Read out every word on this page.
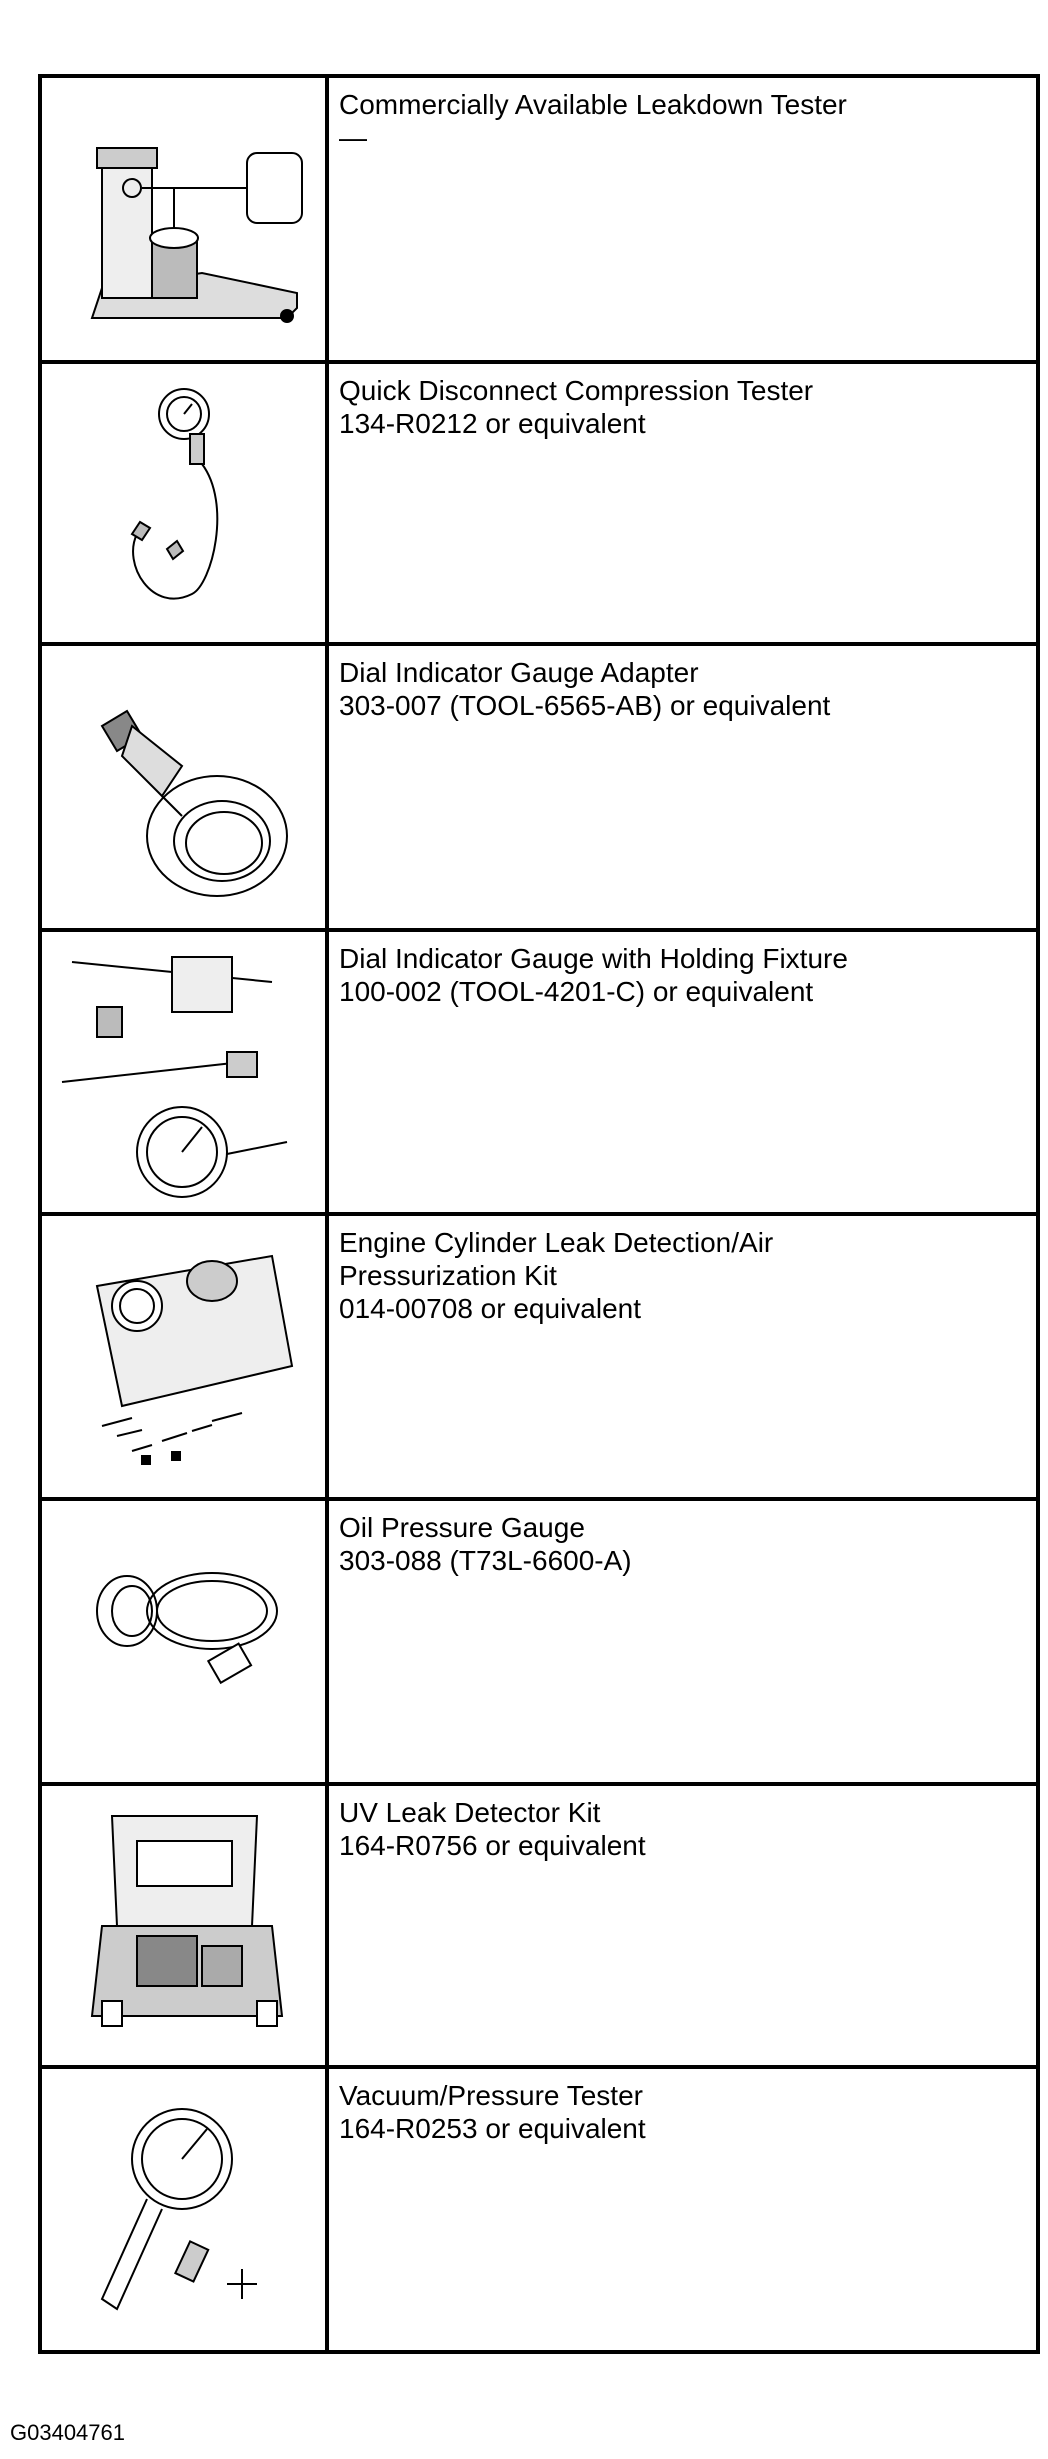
Commercially Available Leakdown Tester
—

Quick Disconnect Compression Tester
134-R0212 or equivalent

Dial Indicator Gauge Adapter
303-007 (TOOL-6565-AB) or equivalent

Dial Indicator Gauge with Holding Fixture
100-002 (TOOL-4201-C) or equivalent

Engine Cylinder Leak Detection/Air
Pressurization Kit
014-00708 or equivalent

Oil Pressure Gauge
303-088 (T73L-6600-A)

UV Leak Detector Kit
164-R0756 or equivalent

Vacuum/Pressure Tester
164-R0253 or equivalent
G03404761
